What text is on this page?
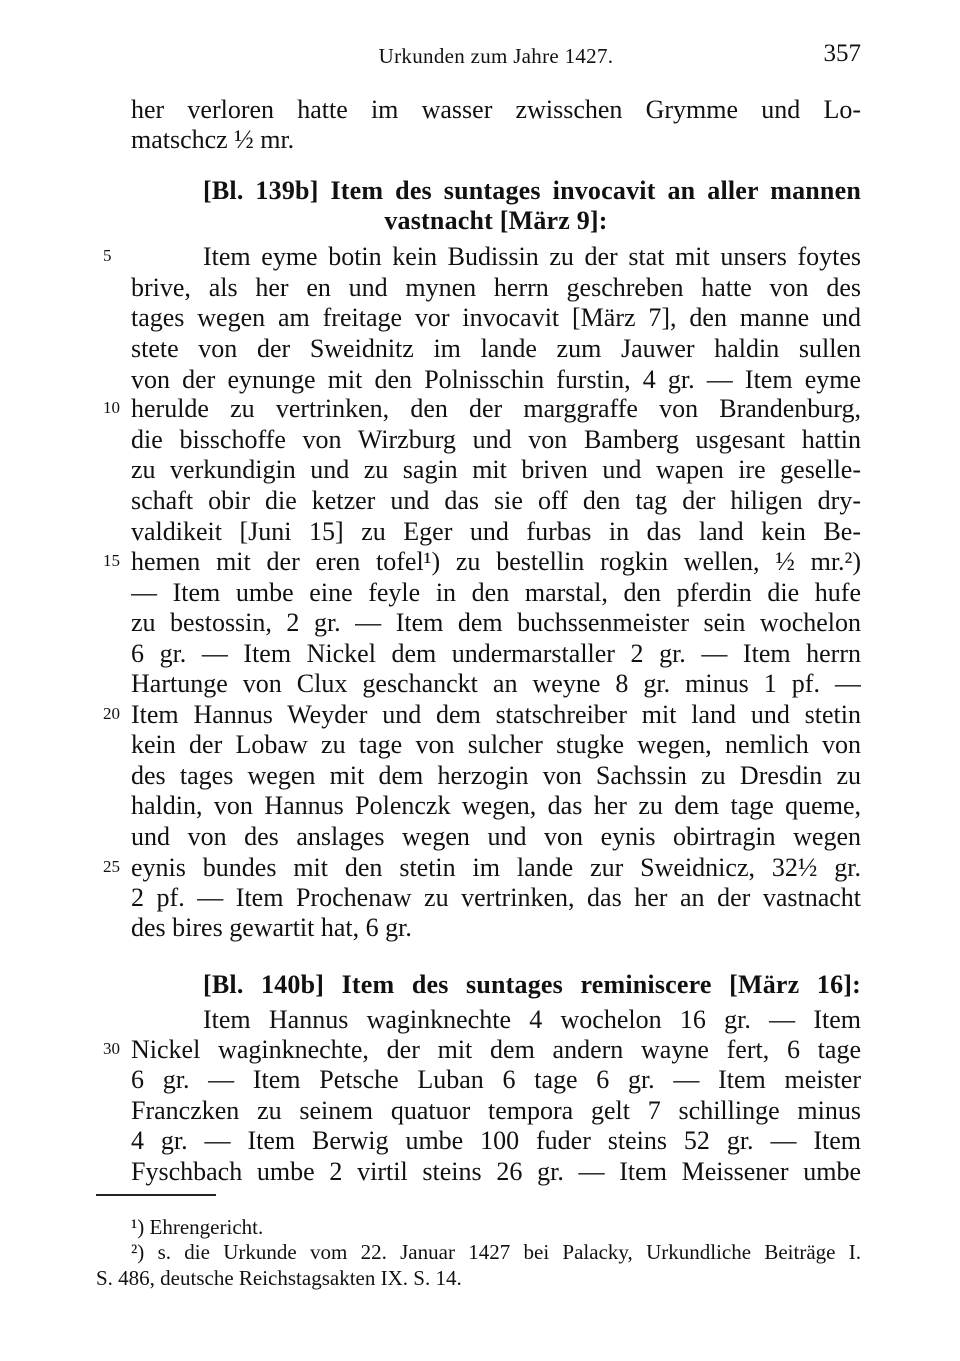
Urkunden zum Jahre 1427.	357
her verloren hatte im wasser zwisschen Grymme und Lo-
matschcz ½ mr.
[Bl. 139b] Item des suntages invocavit an aller mannen
vastnacht [März 9]:
5	Item eyme botin kein Budissin zu der stat mit unsers foytes
brive, als her en und mynen herrn geschreben hatte von des
tages wegen am freitage vor invocavit [März 7], den manne und
stete von der Sweidnitz im lande zum Jauwer haldin sullen
von der eynunge mit den Polnisschin furstin, 4 gr. — Item eyme
10 herulde zu vertrinken, den der marggraffe von Brandenburg,
die bisschoffe von Wirzburg und von Bamberg usgesant hattin
zu verkundigin und zu sagin mit briven und wapen ire geselle-
schaft obir die ketzer und das sie off den tag der hiligen dry-
valdikeit [Juni 15] zu Eger und furbas in das land kein Be-
15 hemen mit der eren tofel¹) zu bestellin rogkin wellen, ½ mr.²)
— Item umbe eine feyle in den marstal, den pferdin die hufe
zu bestossin, 2 gr. — Item dem buchssenmeister sein wochelon
6 gr. — Item Nickel dem undermarstaller 2 gr. — Item herrn
Hartunge von Clux geschanckt an weyne 8 gr. minus 1 pf. —
20 Item Hannus Weyder und dem statschreiber mit land und stetin
kein der Lobaw zu tage von sulcher stugke wegen, nemlich von
des tages wegen mit dem herzogin von Sachssin zu Dresdin zu
haldin, von Hannus Polenczk wegen, das her zu dem tage queme,
und von des anslages wegen und von eynis obirtragin wegen
25 eynis bundes mit den stetin im lande zur Sweidnicz, 32½ gr.
2 pf. — Item Prochenaw zu vertrinken, das her an der vastnacht
des bires gewartit hat, 6 gr.
[Bl. 140b] Item des suntages reminiscere [März 16]:
Item Hannus waginknechte 4 wochelon 16 gr. — Item
30 Nickel waginknechte, der mit dem andern wayne fert, 6 tage
6 gr. — Item Petsche Luban 6 tage 6 gr. — Item meister
Franczken zu seinem quatuor tempora gelt 7 schillinge minus
4 gr. — Item Berwig umbe 100 fuder steins 52 gr. — Item
Fyschbach umbe 2 virtil steins 26 gr. — Item Meissener umbe
¹) Ehrengericht.
²) s. die Urkunde vom 22. Januar 1427 bei Palacky, Urkundliche Beiträge I.
S. 486, deutsche Reichstagsakten IX. S. 14.
